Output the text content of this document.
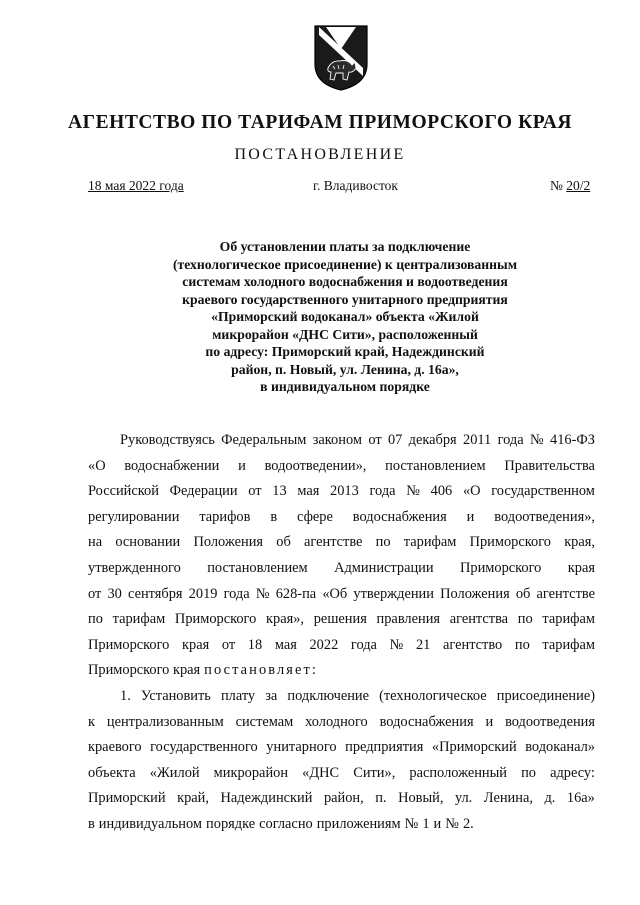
АГЕНТСТВО ПО ТАРИФАМ ПРИМОРСКОГО КРАЯ
ПОСТАНОВЛЕНИЕ
18 мая 2022 года	г. Владивосток	№ 20/2
Об установлении платы за подключение
(технологическое присоединение) к централизованным
системам холодного водоснабжения и водоотведения
краевого государственного унитарного предприятия
«Приморский водоканал» объекта «Жилой
микрорайон «ДНС Сити», расположенный
по адресу: Приморский край, Надеждинский
район, п. Новый, ул. Ленина, д. 16а»,
в индивидуальном порядке
Руководствуясь Федеральным законом от 07 декабря 2011 года № 416-ФЗ
«О водоснабжении и водоотведении», постановлением Правительства
Российской Федерации от 13 мая 2013 года № 406 «О государственном
регулировании тарифов в сфере водоснабжения и водоотведения»,
на основании Положения об агентстве по тарифам Приморского края,
утвержденного постановлением Администрации Приморского края
от 30 сентября 2019 года № 628-па «Об утверждении Положения об агентстве
по тарифам Приморского края», решения правления агентства по тарифам
Приморского края от 18 мая 2022 года № 21 агентство по тарифам
Приморского края постановляет:
1. Установить плату за подключение (технологическое присоединение)
к централизованным системам холодного водоснабжения и водоотведения
краевого государственного унитарного предприятия «Приморский водоканал»
объекта «Жилой микрорайон «ДНС Сити», расположенный по адресу:
Приморский край, Надеждинский район, п. Новый, ул. Ленина, д. 16а»
в индивидуальном порядке согласно приложениям № 1 и № 2.
